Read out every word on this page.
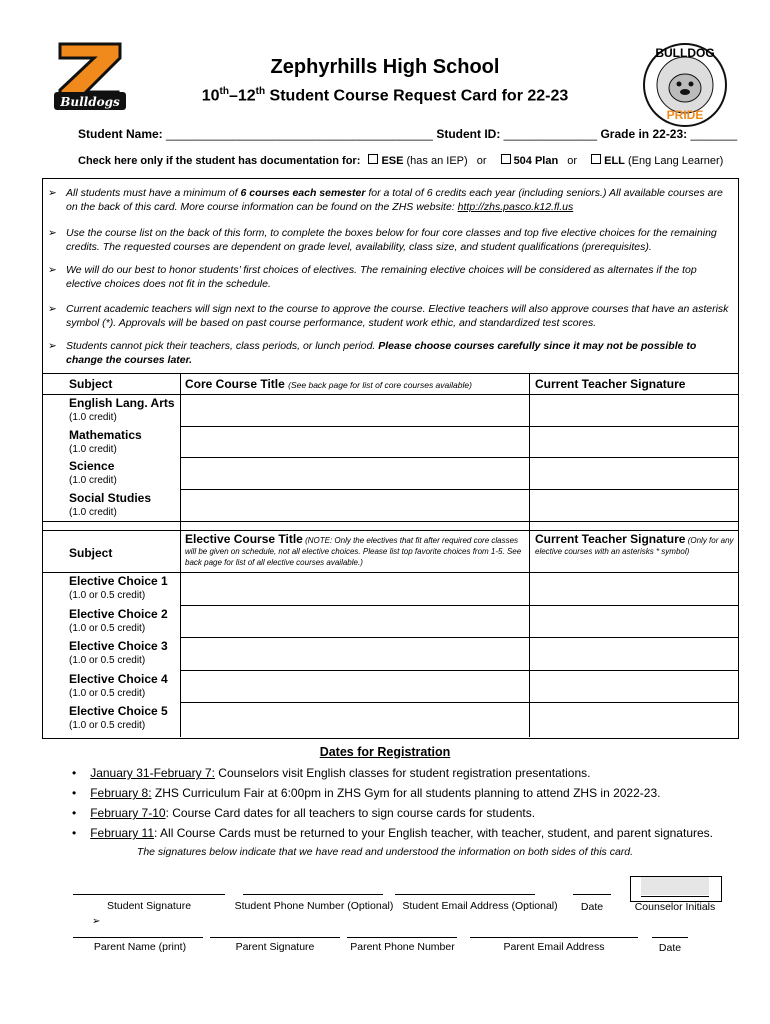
Bulldogs
BULLDOG
PRIDE
Zephyrhills High School
10th–12th Student Course Request Card for 22-23
Student Name: ________________________________________ Student ID: ______________ Grade in 22-23: _______
Check here only if the student has documentation for: ESE (has an IEP) or 504 Plan or ELL (Eng Lang Learner)
➢ All students must have a minimum of 6 courses each semester for a total of 6 credits each year (including seniors.) All available courses are on the back of this card. More course information can be found on the ZHS website: http://zhs.pasco.k12.fl.us
➢ Use the course list on the back of this form, to complete the boxes below for four core classes and top five elective choices for the remaining credits. The requested courses are dependent on grade level, availability, class size, and student qualifications (prerequisites).
➢ We will do our best to honor students’ first choices of electives. The remaining elective choices will be considered as alternates if the top elective choices does not fit in the schedule.
➢ Current academic teachers will sign next to the course to approve the course. Elective teachers will also approve courses that have an asterisk symbol (*). Approvals will be based on past course performance, student work ethic, and standardized test scores.
➢ Students cannot pick their teachers, class periods, or lunch period. Please choose courses carefully since it may not be possible to change the courses later.
Subject	Core Course Title (See back page for list of core courses available)	Current Teacher Signature
English Lang. Arts
(1.0 credit)
Mathematics
(1.0 credit)
Science
(1.0 credit)
Social Studies
(1.0 credit)
Subject
Elective Course Title (NOTE: Only the electives that fit after required core classes will be given on schedule, not all elective choices. Please list top favorite choices from 1-5. See back page for list of all elective courses available.)
Current Teacher Signature (Only for any elective courses with an asterisks * symbol)
Elective Choice 1
(1.0 or 0.5 credit)
Elective Choice 2
(1.0 or 0.5 credit)
Elective Choice 3
(1.0 or 0.5 credit)
Elective Choice 4
(1.0 or 0.5 credit)
Elective Choice 5
(1.0 or 0.5 credit)
Dates for Registration
• January 31-February 7: Counselors visit English classes for student registration presentations.
• February 8: ZHS Curriculum Fair at 6:00pm in ZHS Gym for all students planning to attend ZHS in 2022-23.
• February 7-10: Course Card dates for all teachers to sign course cards for students.
• February 11: All Course Cards must be returned to your English teacher, with teacher, student, and parent signatures.
The signatures below indicate that we have read and understood the information on both sides of this card.
Student Signature	Student Phone Number (Optional) Student Email Address (Optional)	Date	Counselor Initials
➢
Parent Name (print)	Parent Signature	Parent Phone Number	Parent Email Address	Date
